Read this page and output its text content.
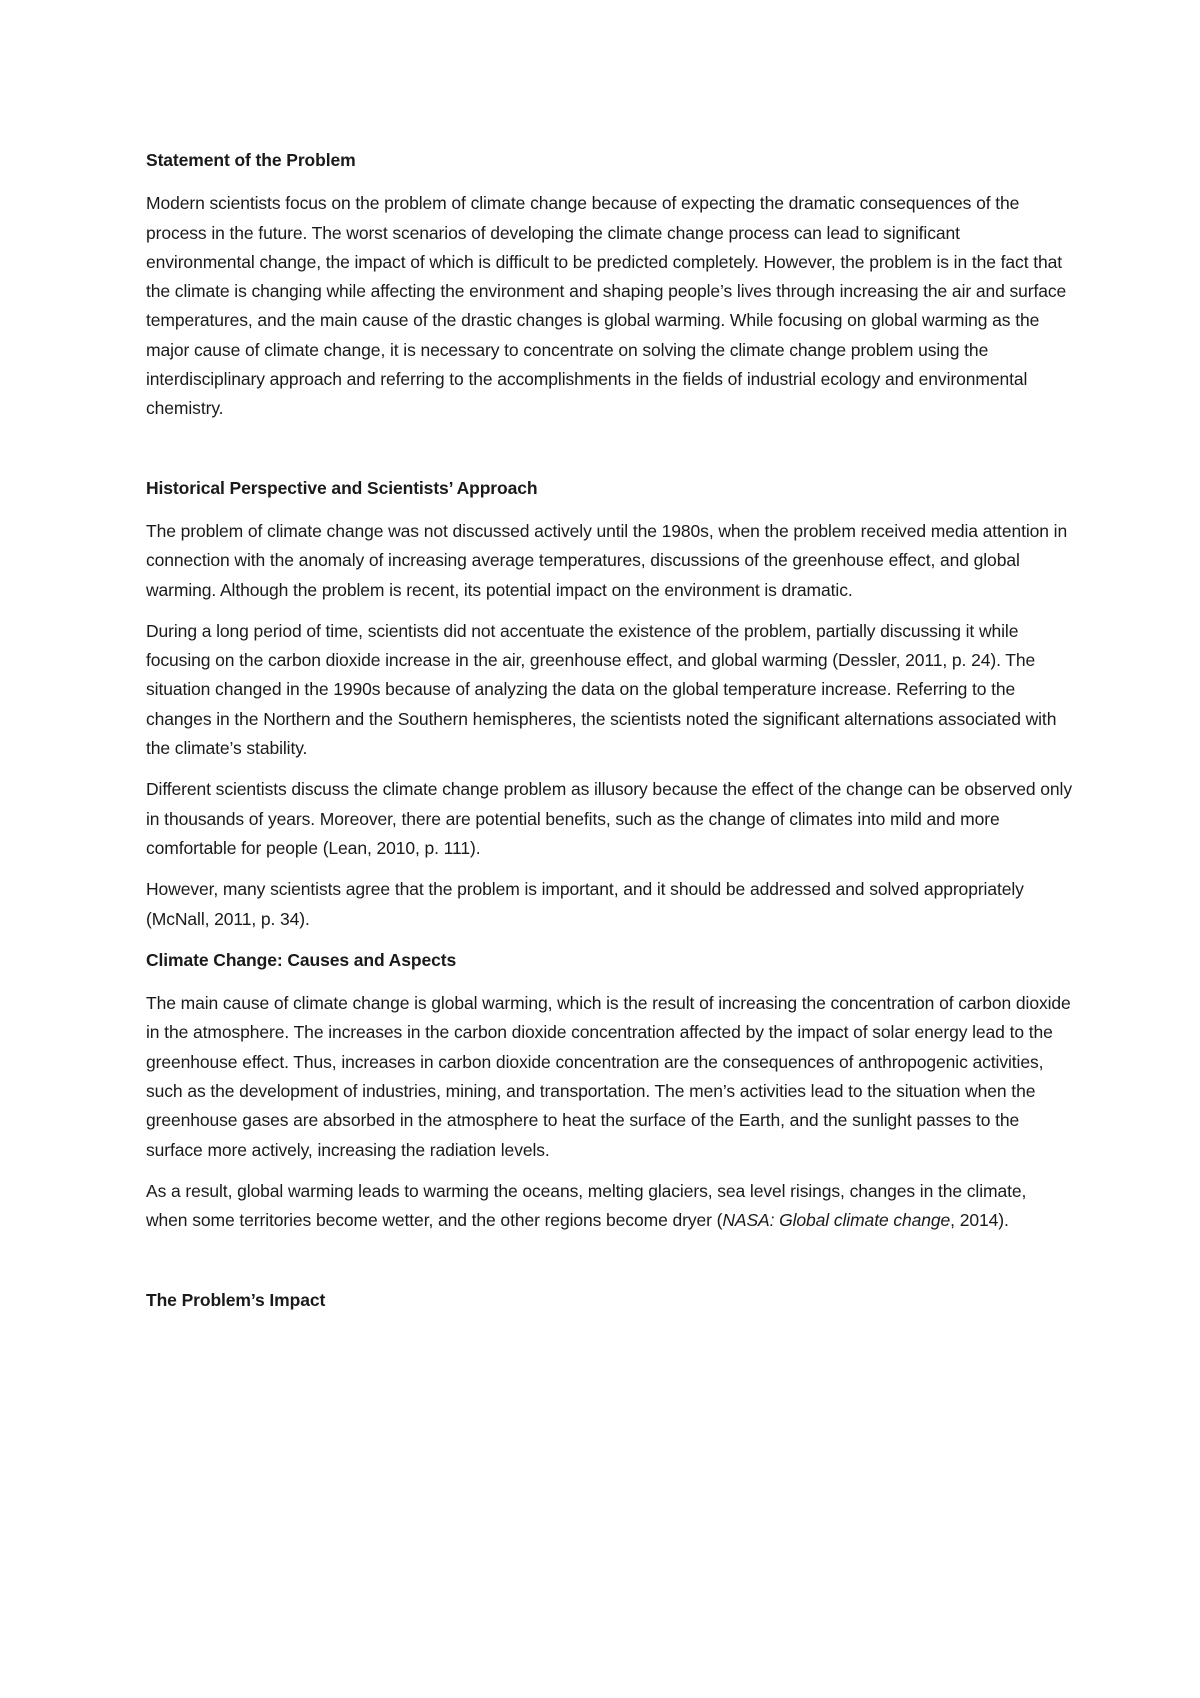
Statement of the Problem

Modern scientists focus on the problem of climate change because of expecting the dramatic consequences of the process in the future. The worst scenarios of developing the climate change process can lead to significant environmental change, the impact of which is difficult to be predicted completely. However, the problem is in the fact that the climate is changing while affecting the environment and shaping people’s lives through increasing the air and surface temperatures, and the main cause of the drastic changes is global warming. While focusing on global warming as the major cause of climate change, it is necessary to concentrate on solving the climate change problem using the interdisciplinary approach and referring to the accomplishments in the fields of industrial ecology and environmental chemistry.

Historical Perspective and Scientists’ Approach

The problem of climate change was not discussed actively until the 1980s, when the problem received media attention in connection with the anomaly of increasing average temperatures, discussions of the greenhouse effect, and global warming. Although the problem is recent, its potential impact on the environment is dramatic.

During a long period of time, scientists did not accentuate the existence of the problem, partially discussing it while focusing on the carbon dioxide increase in the air, greenhouse effect, and global warming (Dessler, 2011, p. 24). The situation changed in the 1990s because of analyzing the data on the global temperature increase. Referring to the changes in the Northern and the Southern hemispheres, the scientists noted the significant alternations associated with the climate’s stability.

Different scientists discuss the climate change problem as illusory because the effect of the change can be observed only in thousands of years. Moreover, there are potential benefits, such as the change of climates into mild and more comfortable for people (Lean, 2010, p. 111).

However, many scientists agree that the problem is important, and it should be addressed and solved appropriately (McNall, 2011, p. 34).

Climate Change: Causes and Aspects

The main cause of climate change is global warming, which is the result of increasing the concentration of carbon dioxide in the atmosphere. The increases in the carbon dioxide concentration affected by the impact of solar energy lead to the greenhouse effect. Thus, increases in carbon dioxide concentration are the consequences of anthropogenic activities, such as the development of industries, mining, and transportation. The men’s activities lead to the situation when the greenhouse gases are absorbed in the atmosphere to heat the surface of the Earth, and the sunlight passes to the surface more actively, increasing the radiation levels.

As a result, global warming leads to warming the oceans, melting glaciers, sea level risings, changes in the climate, when some territories become wetter, and the other regions become dryer (NASA: Global climate change, 2014).

The Problem’s Impact
